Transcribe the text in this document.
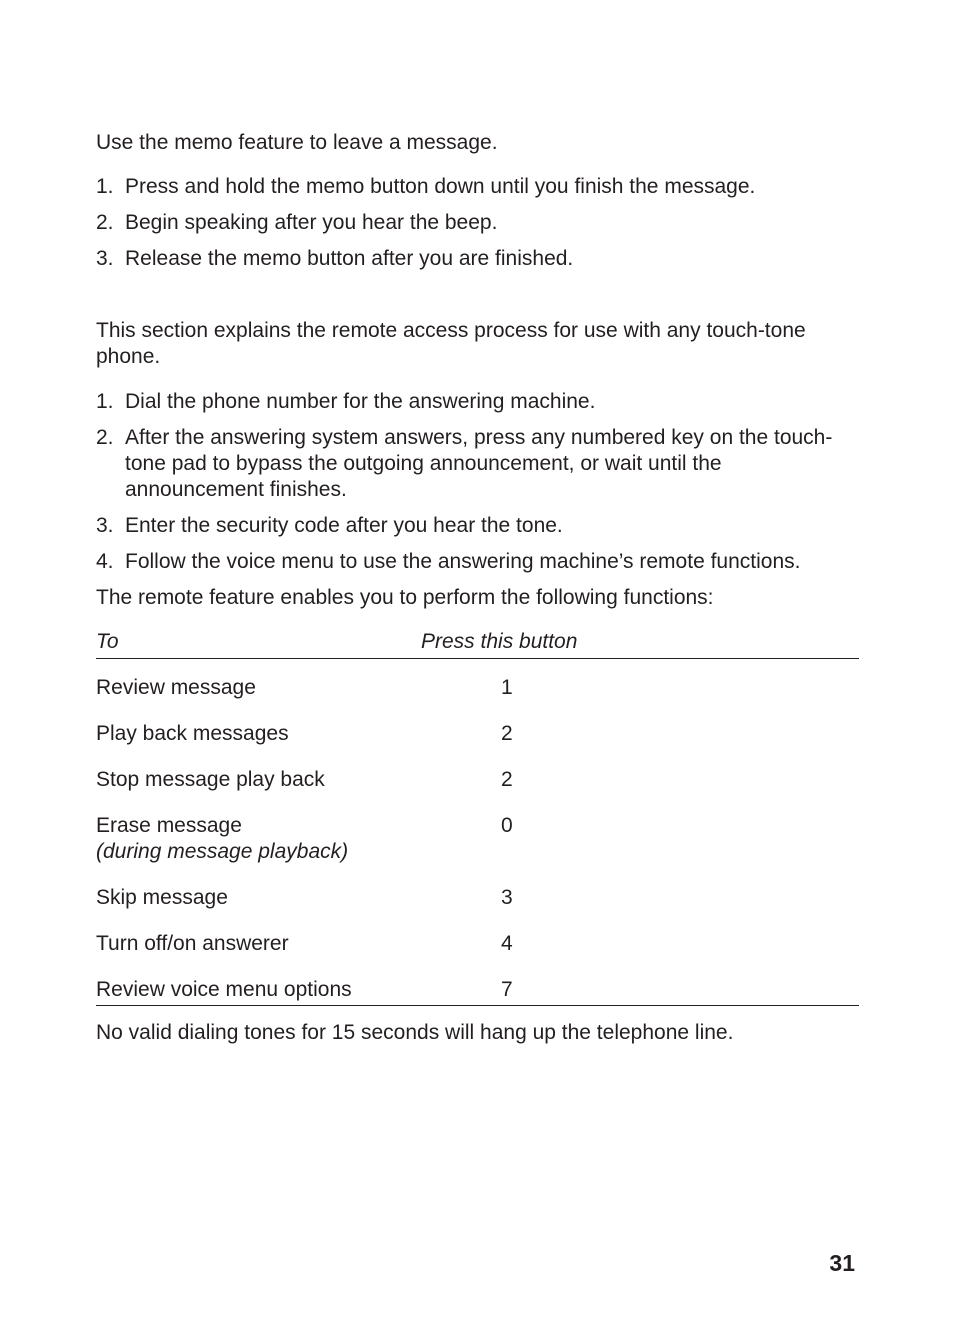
Use the memo feature to leave a message.

1. Press and hold the memo button down until you finish the message.
2. Begin speaking after you hear the beep.
3. Release the memo button after you are finished.

This section explains the remote access process for use with any touch-tone phone.

1. Dial the phone number for the answering machine.
2. After the answering system answers, press any numbered key on the touch-tone pad to bypass the outgoing announcement, or wait until the announcement finishes.
3. Enter the security code after you hear the tone.
4. Follow the voice menu to use the answering machine’s remote functions.

The remote feature enables you to perform the following functions:

To	Press this button
Review message	1
Play back messages	2
Stop message play back	2
Erase message
(during message playback)	0
Skip message	3
Turn off/on answerer	4
Review voice menu options	7

No valid dialing tones for 15 seconds will hang up the telephone line.

31
